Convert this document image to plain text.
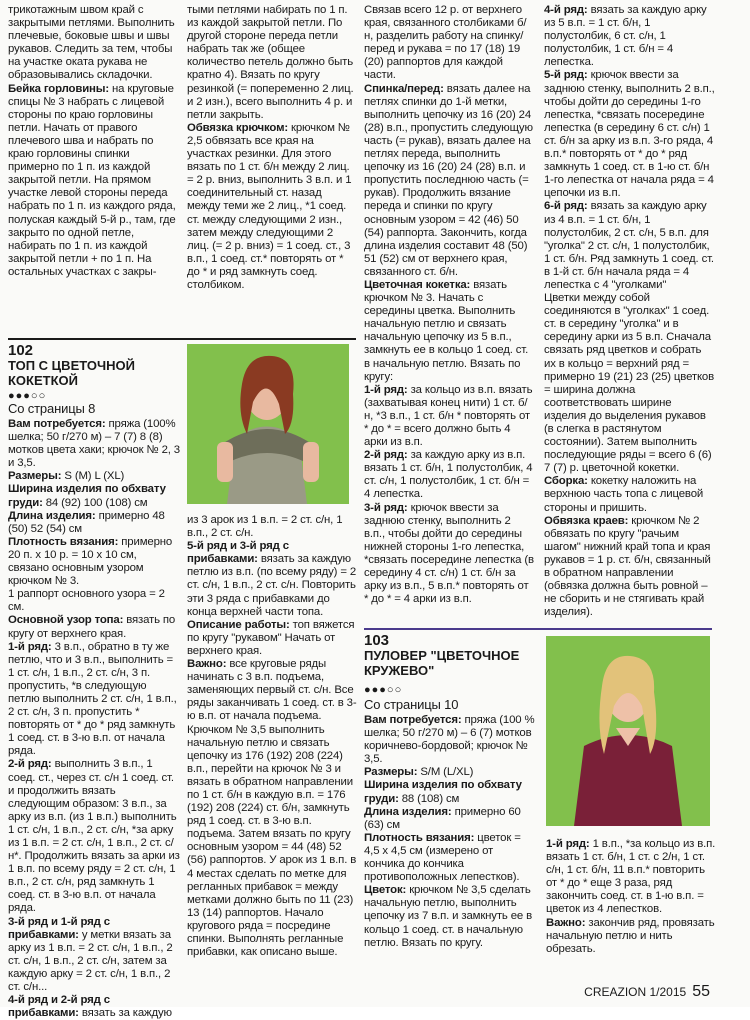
трикотажным швом край с закрытыми петлями. Выполнить плечевые, боковые швы и швы рукавов. Следить за тем, чтобы на участке оката рукава не образовывались складочки.

Бейка горловины: на круговые спицы № 3 набрать с лицевой стороны по краю горловины петли. Начать от правого плечевого шва и набрать по краю горловины спинки примерно по 1 п. из каждой закрытой петли. На прямом участке левой стороны переда набрать по 1 п. из каждого ряда, полуская каждый 5-й р., там, где закрыто по одной петле, набирать по 1 п. из каждой закрытой петли + по 1 п. На остальных участках с закры-

тыми петлями набирать по 1 п. из каждой закрытой петли. По другой стороне переда петли набрать так же (общее количество петель должно быть кратно 4). Вязать по кругу резинкой (= попеременно 2 лиц. и 2 изн.), всего выполнить 4 р. и петли закрыть.

Обвязка крючком: крючком № 2,5 обвязать все края на участках резинки. Для этого вязать по 1 ст. б/н между 2 лиц. = 2 р. вниз, выполнить 3 в.п. и 1 соединительный ст. назад между теми же 2 лиц., *1 соед. ст. между следующими 2 изн., затем между следующими 2 лиц. (= 2 р. вниз) = 1 соед. ст., 3 в.п., 1 соед. ст.* повторять от * до * и ряд замкнуть соед. столбиком.

Связав всего 12 р. от верхнего края, связанного столбиками б/н, разделить работу на спинку/перед и рукава = по 17 (18) 19 (20) раппортов для каждой части.

Спинка/перед: вязать далее на петлях спинки до 1-й метки, выполнить цепочку из 16 (20) 24 (28) в.п., пропустить следующую часть (= рукав), вязать далее на петлях переда, выполнить цепочку из 16 (20) 24 (28) в.п. и пропустить последнюю часть (= рукав). Продолжить вязание переда и спинки по кругу основным узором = 42 (46) 50 (54) раппорта. Закончить, когда длина изделия составит 48 (50) 51 (52) см от верхнего края, связанного ст. б/н.

Цветочная кокетка: вязать крючком № 3. Начать с середины цветка. Выполнить начальную петлю и связать начальную цепочку из 5 в.п., замкнуть ее в кольцо 1 соед. ст. в начальную петлю. Вязать по кругу:

1-й ряд: за кольцо из в.п. вязать (захватывая конец нити) 1 ст. б/н, *3 в.п., 1 ст. б/н * повторять от * до * = всего должно быть 4 арки из в.п.

2-й ряд: за каждую арку из в.п. вязать 1 ст. б/н, 1 полустолбик, 4 ст. с/н, 1 полустолбик, 1 ст. б/н = 4 лепестка.

3-й ряд: крючок ввести за заднюю стенку, выполнить 2 в.п., чтобы дойти до середины нижней стороны 1-го лепестка, *связать посередине лепестка (в середину 4 ст. с/н) 1 ст. б/н за арку из в.п., 5 в.п.* повторять от * до * = 4 арки из в.п.

4-й ряд: вязать за каждую арку из 5 в.п. = 1 ст. б/н, 1 полустолбик, 6 ст. с/н, 1 полустолбик, 1 ст. б/н = 4 лепестка.

5-й ряд: крючок ввести за заднюю стенку, выполнить 2 в.п., чтобы дойти до середины 1-го лепестка, *связать посередине лепестка (в середину 6 ст. с/н) 1 ст. б/н за арку из в.п. 3-го ряда, 4 в.п.* повторять от * до * ряд замкнуть 1 соед. ст. в 1-ю ст. б/н 1-го лепестка от начала ряда = 4 цепочки из в.п.

6-й ряд: вязать за каждую арку из 4 в.п. = 1 ст. б/н, 1 полустолбик, 2 ст. с/н, 5 в.п. для "уголка" 2 ст. с/н, 1 полустолбик, 1 ст. б/н. Ряд замкнуть 1 соед. ст. в 1-й ст. б/н начала ряда = 4 лепестка с 4 "уголками"

Цветки между собой соединяются в "уголках" 1 соед. ст. в середину "уголка" и в середину арки из 5 в.п. Сначала связать ряд цветков и собрать их в кольцо = верхний ряд = примерно 19 (21) 23 (25) цветков = ширина должна соответствовать ширине изделия до выделения рукавов (в слегка в растянутом состоянии). Затем выполнить последующие ряды = всего 6 (6) 7 (7) р. цветочной кокетки.

Сборка: кокетку наложить на верхнюю часть топа с лицевой стороны и пришить.

Обвязка краев: крючком № 2 обвязать по кругу "рачьим шагом" нижний край топа и края рукавов = 1 р. ст. б/н, связанный в обратном направлении (обвязка должна быть ровной – не сборить и не стягивать край изделия).

102
ТОП С ЦВЕТОЧНОЙ КОКЕТКОЙ
●●●○○
Со страницы 8

Вам потребуется: пряжа (100% шелка; 50 г/270 м) – 7 (7) 8 (8) мотков цвета хаки; крючок № 2, 3 и 3,5.

Размеры: S (M) L (XL)

Ширина изделия по обхвату груди: 84 (92) 100 (108) см

Длина изделия: примерно 48 (50) 52 (54) см

Плотность вязания: примерно 20 п. х 10 р. = 10 х 10 см, связано основным узором крючком № 3.

1 раппорт основного узора = 2 см.

Основной узор топа: вязать по кругу от верхнего края.

1-й ряд: 3 в.п., обратно в ту же петлю, что и 3 в.п., выполнить = 1 ст. с/н, 1 в.п., 2 ст. с/н, 3 п. пропустить, *в следующую петлю выполнить 2 ст. с/н, 1 в.п., 2 ст. с/н, 3 п. пропустить * повторять от * до * ряд замкнуть 1 соед. ст. в 3-ю в.п. от начала ряда.

2-й ряд: выполнить 3 в.п., 1 соед. ст., через ст. с/н 1 соед. ст. и продолжить вязать следующим образом: 3 в.п., за арку из в.п. (из 1 в.п.) выполнить 1 ст. с/н, 1 в.п., 2 ст. с/н, *за арку из 1 в.п. = 2 ст. с/н, 1 в.п., 2 ст. с/н*. Продолжить вязать за арки из 1 в.п. по всему ряду = 2 ст. с/н, 1 в.п., 2 ст. с/н, ряд замкнуть 1 соед. ст. в 3-ю в.п. от начала ряда.

3-й ряд и 1-й ряд с прибавками: у метки вязать за арку из 1 в.п. = 2 ст. с/н, 1 в.п., 2 ст. с/н, 1 в.п., 2 ст. с/н, затем за каждую арку = 2 ст. с/н, 1 в.п., 2 ст. с/н...

4-й ряд и 2-й ряд с прибавками: вязать за каждую

из 3 арок из 1 в.п. = 2 ст. с/н, 1 в.п., 2 ст. с/н.

5-й ряд и 3-й ряд с прибавками: вязать за каждую петлю из в.п. (по всему ряду) = 2 ст. с/н, 1 в.п., 2 ст. с/н. Повторить эти 3 ряда с прибавками до конца верхней части топа.

Описание работы: топ вяжется по кругу "рукавом" Начать от верхнего края.

Важно: все круговые ряды начинать с 3 в.п. подъема, заменяющих первый ст. с/н. Все ряды заканчивать 1 соед. ст. в 3-ю в.п. от начала подъема. Крючком № 3,5 выполнить начальную петлю и связать цепочку из 176 (192) 208 (224) в.п., перейти на крючок № 3 и вязать в обратном направлении по 1 ст. б/н в каждую в.п. = 176 (192) 208 (224) ст. б/н, замкнуть ряд 1 соед. ст. в 3-ю в.п. подъема. Затем вязать по кругу основным узором = 44 (48) 52 (56) раппортов. У арок из 1 в.п. в 4 местах сделать по метке для регланных прибавок = между метками должно быть по 11 (23) 13 (14) раппортов. Начало кругового ряда = посредине спинки. Выполнять регланные прибавки, как описано выше.

103
ПУЛОВЕР "ЦВЕТОЧНОЕ КРУЖЕВО"
●●●○○
Со страницы 10

Вам потребуется: пряжа (100 % шелка; 50 г/270 м) – 6 (7) мотков коричнево-бордовой; крючок № 3,5.

Размеры: S/M (L/XL)

Ширина изделия по обхвату груди: 88 (108) см

Длина изделия: примерно 60 (63) см

Плотность вязания: цветок = 4,5 х 4,5 см (измерено от кончика до кончика противоположных лепестков).

Цветок: крючком № 3,5 сделать начальную петлю, выполнить цепочку из 7 в.п. и замкнуть ее в кольцо 1 соед. ст. в начальную петлю. Вязать по кругу.

1-й ряд: 1 в.п., *за кольцо из в.п. вязать 1 ст. б/н, 1 ст. с 2/н, 1 ст. с/н, 1 ст. б/н, 11 в.п.* повторить от * до * еще 3 раза, ряд закончить соед. ст. в 1-ю в.п. = цветок из 4 лепестков.

Важно: закончив ряд, провязать начальную петлю и нить обрезать.

CREAZION 1/2015 55
